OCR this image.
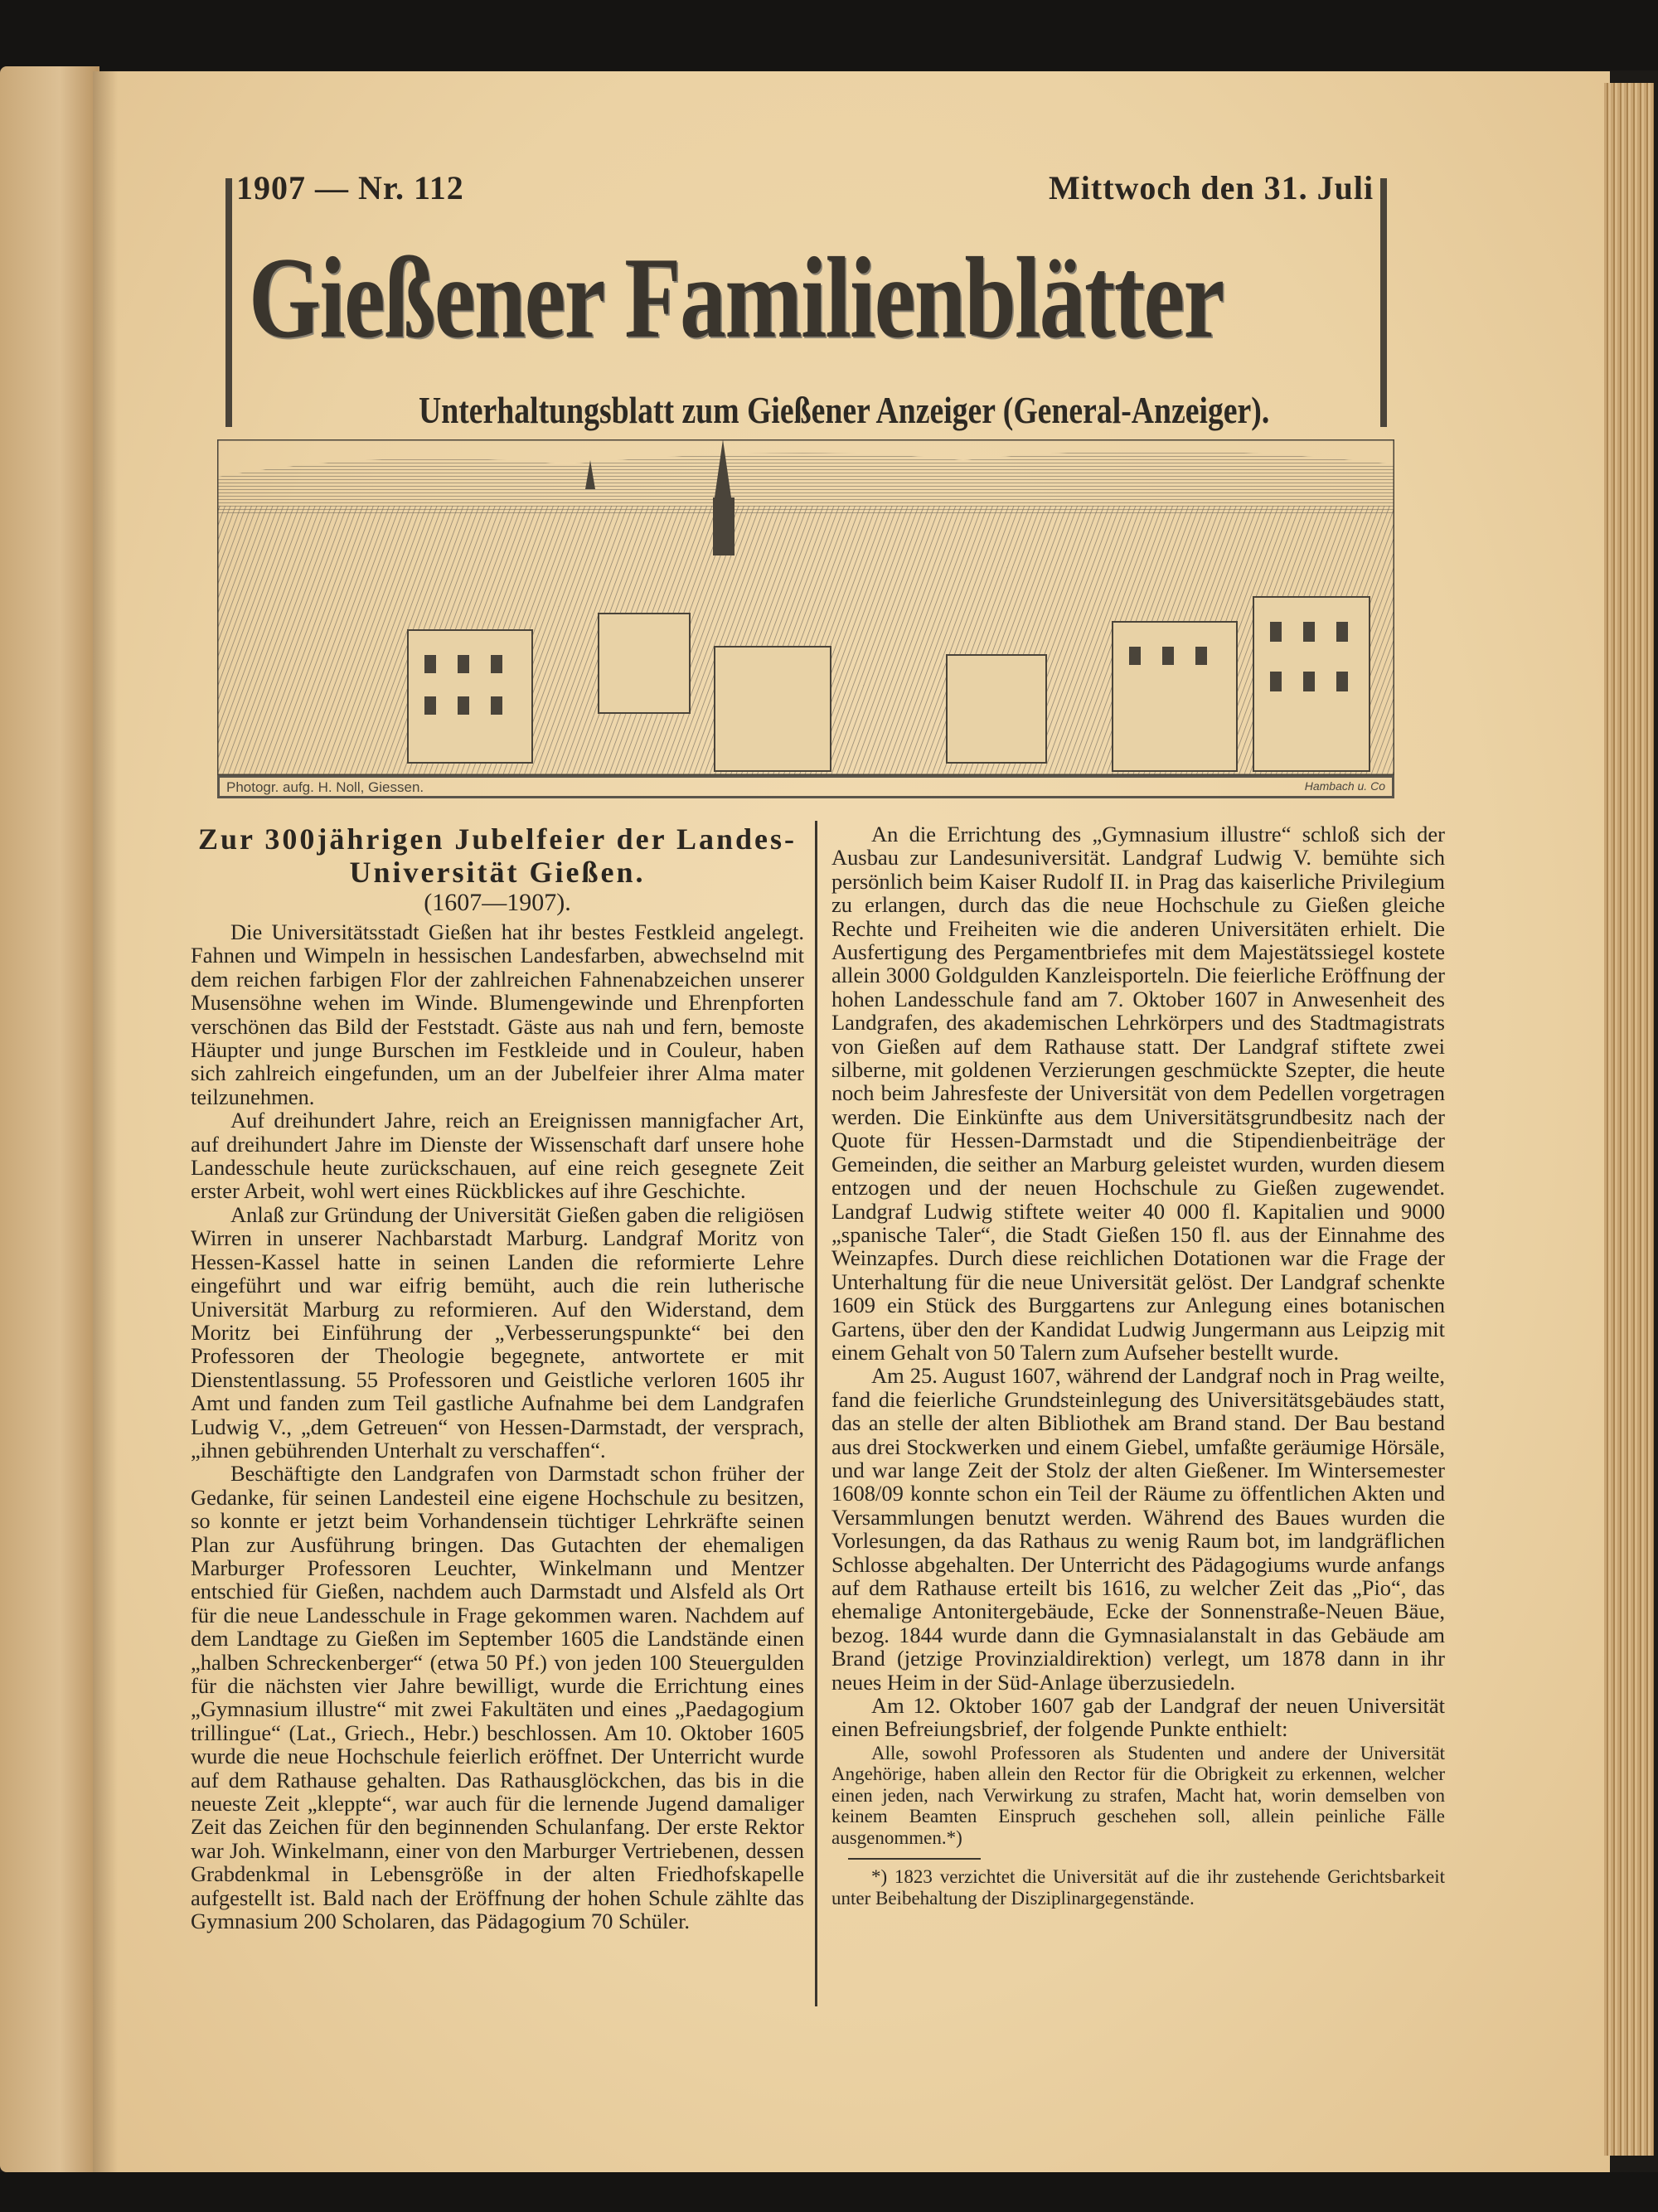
1907 — Nr. 112	Mittwoch den 31. Juli
Gießener Familienblätter
Unterhaltungsblatt zum Gießener Anzeiger (General-Anzeiger).
Photogr. aufg. H. Noll, Giessen.	Hambach u. Co

Zur 300jährigen Jubelfeier der Landes-Universität Gießen.

(1607—1907).

Die Universitätsstadt Gießen hat ihr bestes Festkleid angelegt. Fahnen und Wimpeln in hessischen Landesfarben, abwechselnd mit dem reichen farbigen Flor der zahlreichen Fahnenabzeichen unserer Musensöhne wehen im Winde. Blumengewinde und Ehrenpforten verschönen das Bild der Feststadt. Gäste aus nah und fern, bemoste Häupter und junge Burschen im Festkleide und in Couleur, haben sich zahlreich eingefunden, um an der Jubelfeier ihrer Alma mater teilzunehmen.

Auf dreihundert Jahre, reich an Ereignissen mannigfacher Art, auf dreihundert Jahre im Dienste der Wissenschaft darf unsere hohe Landesschule heute zurückschauen, auf eine reich gesegnete Zeit erster Arbeit, wohl wert eines Rückblickes auf ihre Geschichte.

Anlaß zur Gründung der Universität Gießen gaben die religiösen Wirren in unserer Nachbarstadt Marburg. Landgraf Moritz von Hessen-Kassel hatte in seinen Landen die reformierte Lehre eingeführt und war eifrig bemüht, auch die rein lutherische Universität Marburg zu reformieren. Auf den Widerstand, dem Moritz bei Einführung der „Verbesserungspunkte“ bei den Professoren der Theologie begegnete, antwortete er mit Dienstentlassung. 55 Professoren und Geistliche verloren 1605 ihr Amt und fanden zum Teil gastliche Aufnahme bei dem Landgrafen Ludwig V., „dem Getreuen“ von Hessen-Darmstadt, der versprach, „ihnen gebührenden Unterhalt zu verschaffen“.

Beschäftigte den Landgrafen von Darmstadt schon früher der Gedanke, für seinen Landesteil eine eigene Hochschule zu besitzen, so konnte er jetzt beim Vorhandensein tüchtiger Lehrkräfte seinen Plan zur Ausführung bringen. Das Gutachten der ehemaligen Marburger Professoren Leuchter, Winkelmann und Mentzer entschied für Gießen, nachdem auch Darmstadt und Alsfeld als Ort für die neue Landesschule in Frage gekommen waren. Nachdem auf dem Landtage zu Gießen im September 1605 die Landstände einen „halben Schreckenberger“ (etwa 50 Pf.) von jeden 100 Steuergulden für die nächsten vier Jahre bewilligt, wurde die Errichtung eines „Gymnasium illustre“ mit zwei Fakultäten und eines „Paedagogium trillingue“ (Lat., Griech., Hebr.) beschlossen. Am 10. Oktober 1605 wurde die neue Hochschule feierlich eröffnet. Der Unterricht wurde auf dem Rathause gehalten. Das Rathausglöckchen, das bis in die neueste Zeit „kleppte“, war auch für die lernende Jugend damaliger Zeit das Zeichen für den beginnenden Schulanfang. Der erste Rektor war Joh. Winkelmann, einer von den Marburger Vertriebenen, dessen Grabdenkmal in Lebensgröße in der alten Friedhofskapelle aufgestellt ist. Bald nach der Eröffnung der hohen Schule zählte das Gymnasium 200 Scholaren, das Pädagogium 70 Schüler.

An die Errichtung des „Gymnasium illustre“ schloß sich der Ausbau zur Landesuniversität. Landgraf Ludwig V. bemühte sich persönlich beim Kaiser Rudolf II. in Prag das kaiserliche Privilegium zu erlangen, durch das die neue Hochschule zu Gießen gleiche Rechte und Freiheiten wie die anderen Universitäten erhielt. Die Ausfertigung des Pergamentbriefes mit dem Majestätssiegel kostete allein 3000 Goldgulden Kanzleisporteln. Die feierliche Eröffnung der hohen Landesschule fand am 7. Oktober 1607 in Anwesenheit des Landgrafen, des akademischen Lehrkörpers und des Stadtmagistrats von Gießen auf dem Rathause statt. Der Landgraf stiftete zwei silberne, mit goldenen Verzierungen geschmückte Szepter, die heute noch beim Jahresfeste der Universität von dem Pedellen vorgetragen werden. Die Einkünfte aus dem Universitätsgrundbesitz nach der Quote für Hessen-Darmstadt und die Stipendienbeiträge der Gemeinden, die seither an Marburg geleistet wurden, wurden diesem entzogen und der neuen Hochschule zu Gießen zugewendet. Landgraf Ludwig stiftete weiter 40 000 fl. Kapitalien und 9000 „spanische Taler“, die Stadt Gießen 150 fl. aus der Einnahme des Weinzapfes. Durch diese reichlichen Dotationen war die Frage der Unterhaltung für die neue Universität gelöst. Der Landgraf schenkte 1609 ein Stück des Burggartens zur Anlegung eines botanischen Gartens, über den der Kandidat Ludwig Jungermann aus Leipzig mit einem Gehalt von 50 Talern zum Aufseher bestellt wurde.

Am 25. August 1607, während der Landgraf noch in Prag weilte, fand die feierliche Grundsteinlegung des Universitätsgebäudes statt, das an stelle der alten Bibliothek am Brand stand. Der Bau bestand aus drei Stockwerken und einem Giebel, umfaßte geräumige Hörsäle, und war lange Zeit der Stolz der alten Gießener. Im Wintersemester 1608/09 konnte schon ein Teil der Räume zu öffentlichen Akten und Versammlungen benutzt werden. Während des Baues wurden die Vorlesungen, da das Rathaus zu wenig Raum bot, im landgräflichen Schlosse abgehalten. Der Unterricht des Pädagogiums wurde anfangs auf dem Rathause erteilt bis 1616, zu welcher Zeit das „Pio“, das ehemalige Antonitergebäude, Ecke der Sonnenstraße-Neuen Bäue, bezog. 1844 wurde dann die Gymnasialanstalt in das Gebäude am Brand (jetzige Provinzialdirektion) verlegt, um 1878 dann in ihr neues Heim in der Süd-Anlage überzusiedeln.

Am 12. Oktober 1607 gab der Landgraf der neuen Universität einen Befreiungsbrief, der folgende Punkte enthielt:

Alle, sowohl Professoren als Studenten und andere der Universität Angehörige, haben allein den Rector für die Obrigkeit zu erkennen, welcher einen jeden, nach Verwirkung zu strafen, Macht hat, worin demselben von keinem Beamten Einspruch geschehen soll, allein peinliche Fälle ausgenommen.*)

*) 1823 verzichtet die Universität auf die ihr zustehende Gerichtsbarkeit unter Beibehaltung der Disziplinargegenstände.
